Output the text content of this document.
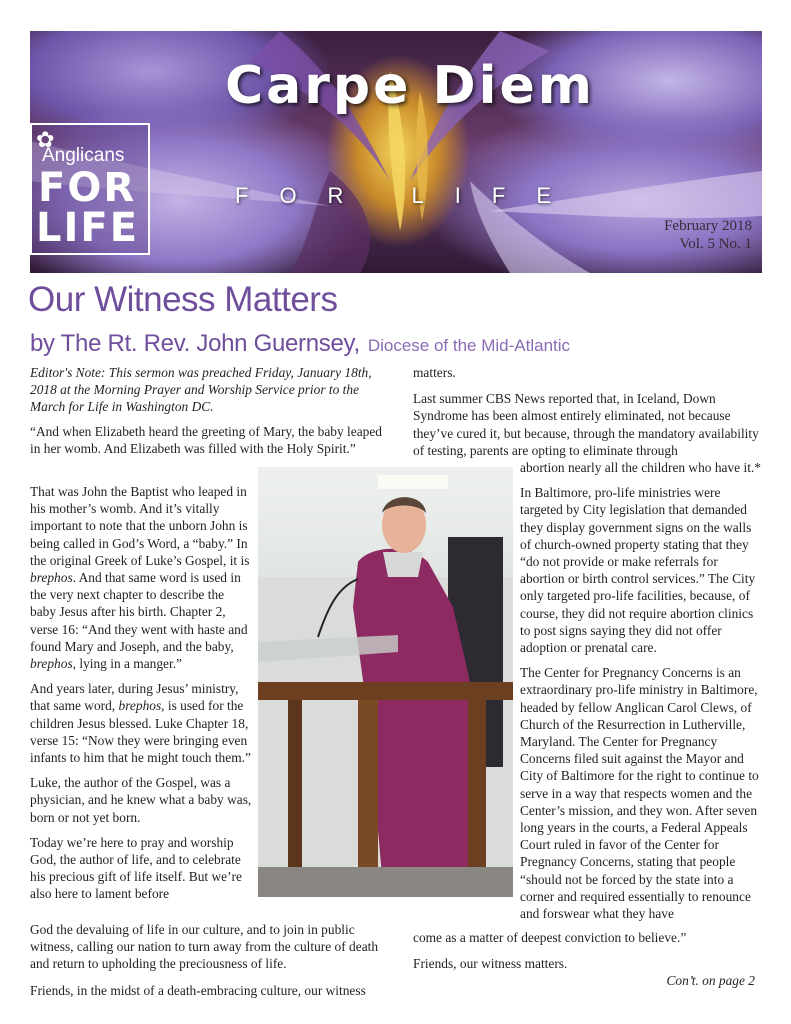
Carpe Diem
FOR LIFE
✿
Anglicans
FOR
LIFE	February 2018
Vol. 5 No. 1
Our Witness Matters
by The Rt. Rev. John Guernsey, Diocese of the Mid-Atlantic

Editor's Note: This sermon was preached Friday, January 18th, 2018 at the Morning Prayer and Worship Service prior to the March for Life in Washington DC.

“And when Elizabeth heard the greeting of Mary, the baby leaped in her womb. And Elizabeth was filled with the Holy Spirit.”

That was John the Baptist who leaped in his mother’s womb. And it’s vitally important to note that the unborn John is being called in God’s Word, a “baby.” In the original Greek of Luke’s Gospel, it is brephos. And that same word is used in the very next chapter to describe the baby Jesus after his birth. Chapter 2, verse 16: “And they went with haste and found Mary and Joseph, and the baby, brephos, lying in a manger.”

And years later, during Jesus’ ministry, that same word, brephos, is used for the children Jesus blessed. Luke Chapter 18, verse 15: “Now they were bringing even infants to him that he might touch them.”

Luke, the author of the Gospel, was a physician, and he knew what a baby was, born or not yet born.

Today we’re here to pray and worship God, the author of life, and to celebrate his precious gift of life itself. But we’re also here to lament before

God the devaluing of life in our culture, and to join in public witness, calling our nation to turn away from the culture of death and return to upholding the preciousness of life.

Friends, in the midst of a death-embracing culture, our witness

matters.

Last summer CBS News reported that, in Iceland, Down Syndrome has been almost entirely eliminated, not because they’ve cured it, but because, through the mandatory availability of testing, parents are opting to eliminate through

abortion nearly all the children who have it.*

In Baltimore, pro-life ministries were targeted by City legislation that demanded they display government signs on the walls of church-owned property stating that they “do not provide or make referrals for abortion or birth control services.” The City only targeted pro-life facilities, because, of course, they did not require abortion clinics to post signs saying they did not offer adoption or prenatal care.

The Center for Pregnancy Concerns is an extraordinary pro-life ministry in Baltimore, headed by fellow Anglican Carol Clews, of Church of the Resurrection in Lutherville, Maryland. The Center for Pregnancy Concerns filed suit against the Mayor and City of Baltimore for the right to continue to serve in a way that respects women and the Center’s mission, and they won. After seven long years in the courts, a Federal Appeals Court ruled in favor of the Center for Pregnancy Concerns, stating that people “should not be forced by the state into a corner and required essentially to renounce and forswear what they have

come as a matter of deepest conviction to believe.”

Friends, our witness matters.

Con’t. on page 2
